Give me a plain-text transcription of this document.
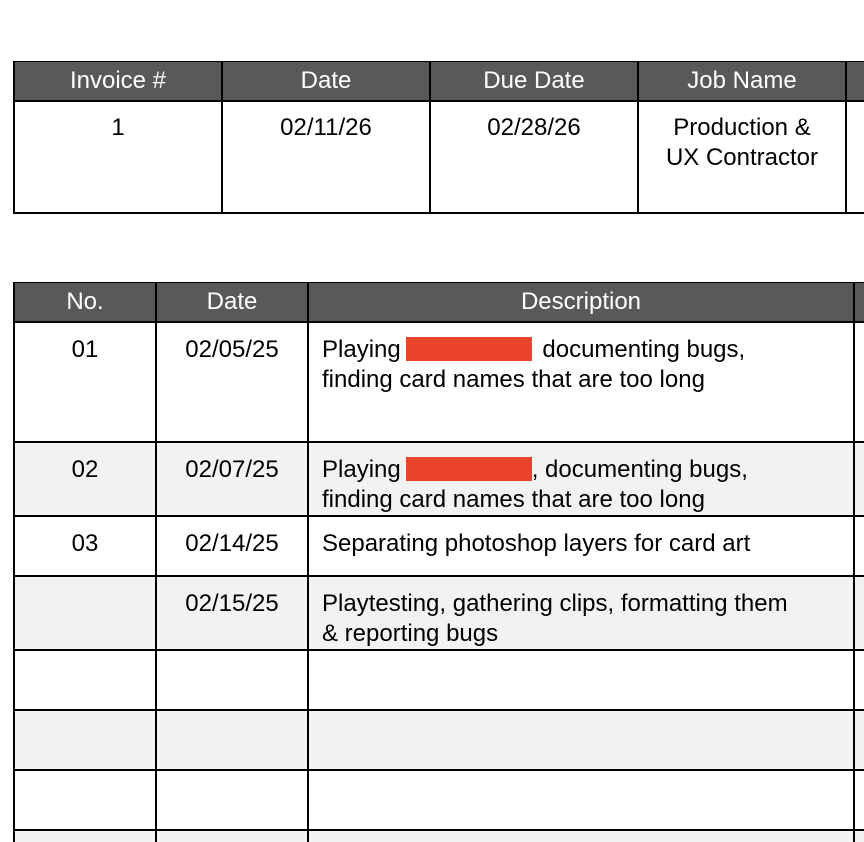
Invoice #	Date	Due Date	Job Name	
1	02/11/26	02/28/26	Production &
UX Contractor	
No.	Date	Description	
01	02/05/25	Playing documenting bugs,
finding card names that are too long	
02	02/07/25	Playing , documenting bugs,
finding card names that are too long	
03	02/14/25	Separating photoshop layers for card art	
	02/15/25	Playtesting, gathering clips, formatting them
& reporting bugs	
